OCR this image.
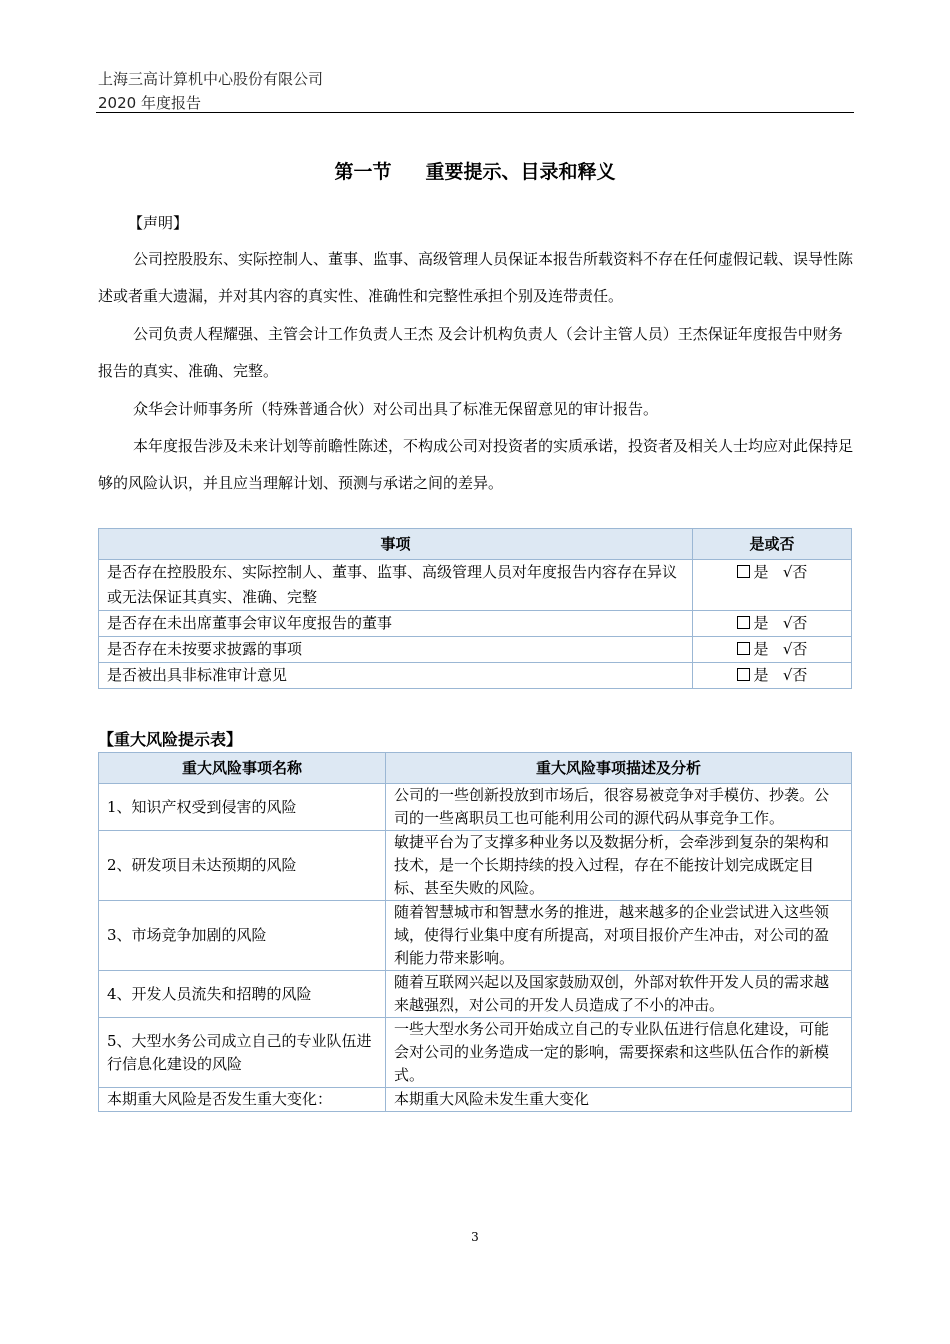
上海三高计算机中心股份有限公司
2020 年度报告
第一节 重要提示、目录和释义
【声明】
公司控股股东、实际控制人、董事、监事、高级管理人员保证本报告所载资料不存在任何虚假记载、误导性陈述或者重大遗漏，并对其内容的真实性、准确性和完整性承担个别及连带责任。
公司负责人程耀强、主管会计工作负责人王杰 及会计机构负责人（会计主管人员）王杰保证年度报告中财务报告的真实、准确、完整。
众华会计师事务所（特殊普通合伙）对公司出具了标准无保留意见的审计报告。
本年度报告涉及未来计划等前瞻性陈述，不构成公司对投资者的实质承诺，投资者及相关人士均应对此保持足够的风险认识，并且应当理解计划、预测与承诺之间的差异。
事项	是或否
是否存在控股股东、实际控制人、董事、监事、高级管理人员对年度报告内容存在异议或无法保证其真实、准确、完整	是 √否
是否存在未出席董事会审议年度报告的董事	是 √否
是否存在未按要求披露的事项	是 √否
是否被出具非标准审计意见	是 √否
【重大风险提示表】
重大风险事项名称	重大风险事项描述及分析
1、知识产权受到侵害的风险	公司的一些创新投放到市场后，很容易被竞争对手模仿、抄袭。公司的一些离职员工也可能利用公司的源代码从事竞争工作。
2、研发项目未达预期的风险	敏捷平台为了支撑多种业务以及数据分析，会牵涉到复杂的架构和技术，是一个长期持续的投入过程，存在不能按计划完成既定目标、甚至失败的风险。
3、市场竞争加剧的风险	随着智慧城市和智慧水务的推进，越来越多的企业尝试进入这些领域，使得行业集中度有所提高，对项目报价产生冲击，对公司的盈利能力带来影响。
4、开发人员流失和招聘的风险	随着互联网兴起以及国家鼓励双创，外部对软件开发人员的需求越来越强烈，对公司的开发人员造成了不小的冲击。
5、大型水务公司成立自己的专业队伍进行信息化建设的风险	一些大型水务公司开始成立自己的专业队伍进行信息化建设，可能会对公司的业务造成一定的影响，需要探索和这些队伍合作的新模式。
本期重大风险是否发生重大变化：	本期重大风险未发生重大变化
3
